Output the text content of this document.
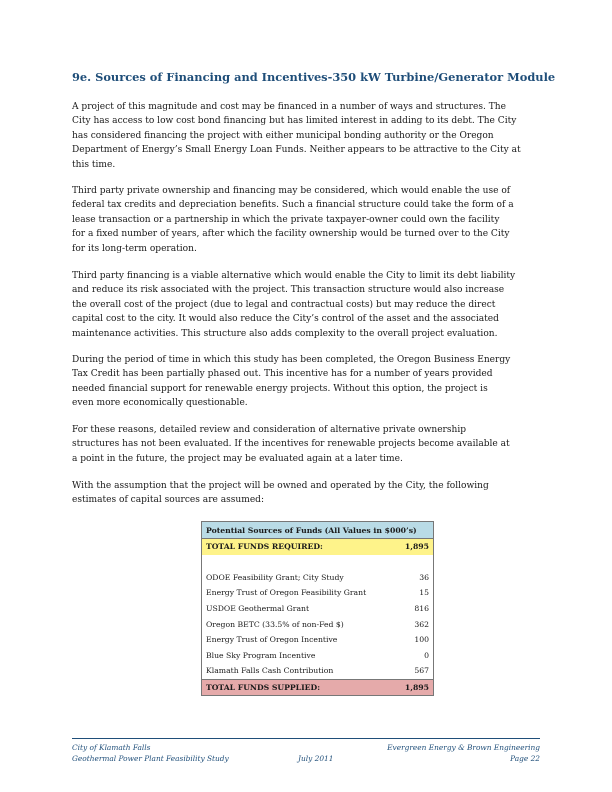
9e. Sources of Financing and Incentives-350 kW Turbine/Generator Module
A project of this magnitude and cost may be financed in a number of ways and structures. The
City has access to low cost bond financing but has limited interest in adding to its debt. The City
has considered financing the project with either municipal bonding authority or the Oregon
Department of Energy’s Small Energy Loan Funds. Neither appears to be attractive to the City at
this time.
Third party private ownership and financing may be considered, which would enable the use of
federal tax credits and depreciation benefits. Such a financial structure could take the form of a
lease transaction or a partnership in which the private taxpayer-owner could own the facility
for a fixed number of years, after which the facility ownership would be turned over to the City
for its long-term operation.
Third party financing is a viable alternative which would enable the City to limit its debt liability
and reduce its risk associated with the project. This transaction structure would also increase
the overall cost of the project (due to legal and contractual costs) but may reduce the direct
capital cost to the city. It would also reduce the City’s control of the asset and the associated
maintenance activities. This structure also adds complexity to the overall project evaluation.
During the period of time in which this study has been completed, the Oregon Business Energy
Tax Credit has been partially phased out. This incentive has for a number of years provided
needed financial support for renewable energy projects. Without this option, the project is
even more economically questionable.
For these reasons, detailed review and consideration of alternative private ownership
structures has not been evaluated. If the incentives for renewable projects become available at
a point in the future, the project may be evaluated again at a later time.
With the assumption that the project will be owned and operated by the City, the following
estimates of capital sources are assumed:
Potential Sources of Funds (All Values in $000’s)	
TOTAL FUNDS REQUIRED:	1,895

ODOE Feasibility Grant; City Study	36
Energy Trust of Oregon Feasibility Grant	15
USDOE Geothermal Grant	816
Oregon BETC (33.5% of non-Fed $)	362
Energy Trust of Oregon Incentive	100
Blue Sky Program Incentive	0
Klamath Falls Cash Contribution	567
TOTAL FUNDS SUPPLIED:	1,895
City of Klamath Falls
Geothermal Power Plant Feasibility Study	July 2011
Evergreen Energy & Brown Engineering
Page 22
